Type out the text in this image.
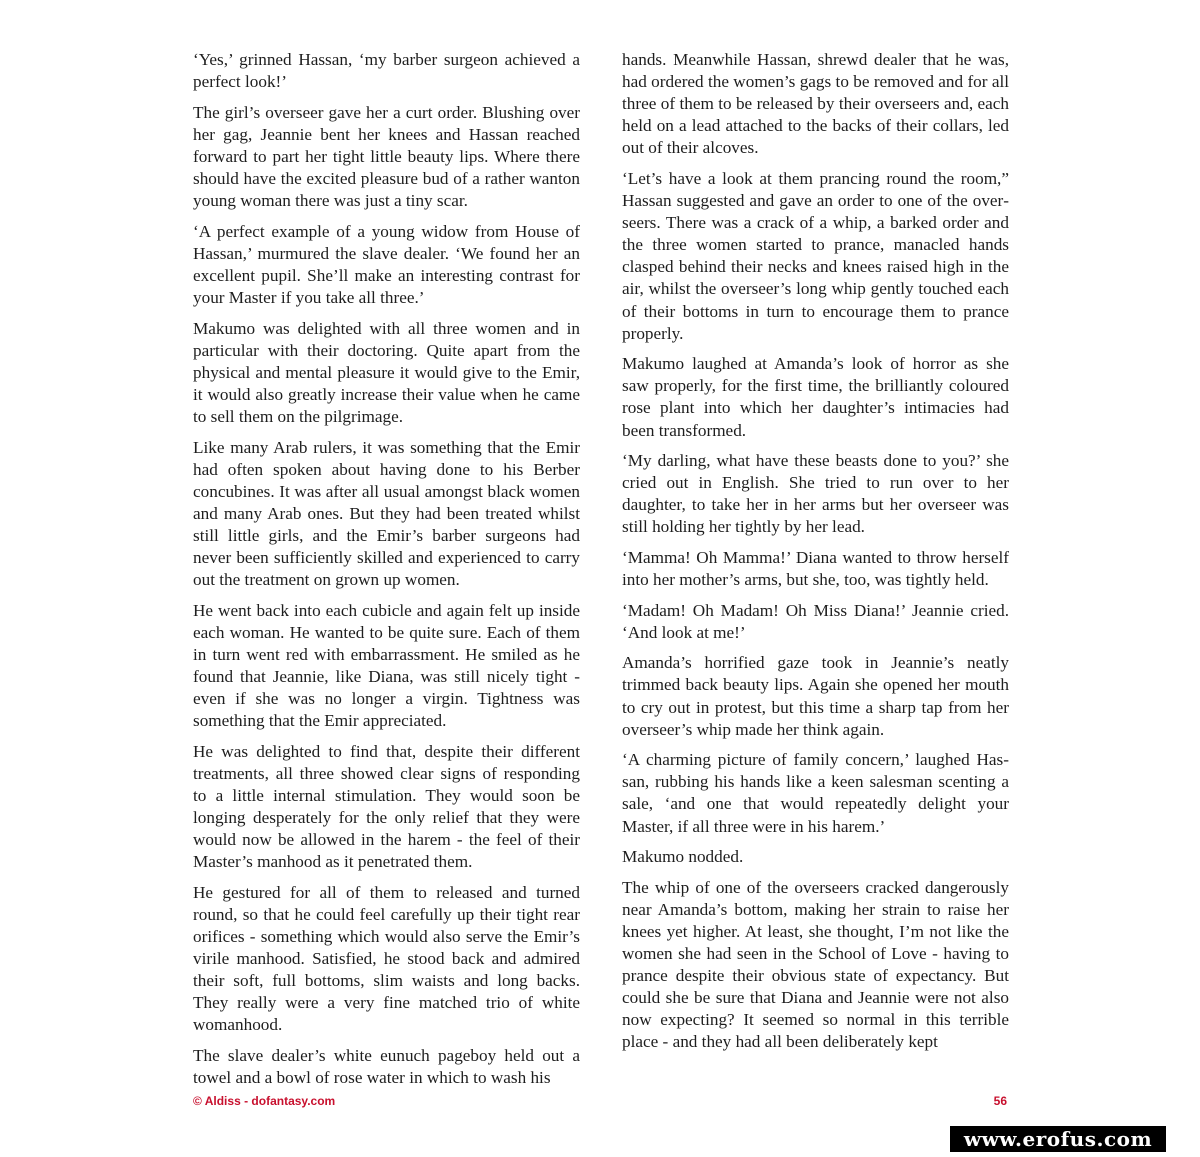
‘Yes,’ grinned Hassan, ‘my barber surgeon achieved a perfect look!’

The girl’s overseer gave her a curt order. Blushing over her gag, Jeannie bent her knees and Hassan reached forward to part her tight little beauty lips. Where there should have the excited pleasure bud of a rather wanton young woman there was just a tiny scar.

‘A perfect example of a young widow from House of Hassan,’ murmured the slave dealer. ‘We found her an excellent pupil. She’ll make an interesting contrast for your Master if you take all three.’

Makumo was delighted with all three women and in particular with their doctoring. Quite apart from the physical and mental pleasure it would give to the Emir, it would also greatly increase their value when he came to sell them on the pilgrimage.

Like many Arab rulers, it was something that the Emir had often spoken about having done to his Berber concubines. It was after all usual amongst black women and many Arab ones. But they had been treated whilst still little girls, and the Emir’s barber surgeons had never been sufficiently skilled and experienced to carry out the treatment on grown up women.

He went back into each cubicle and again felt up inside each woman. He wanted to be quite sure. Each of them in turn went red with embarrassment. He smiled as he found that Jeannie, like Diana, was still nicely tight - even if she was no longer a virgin. Tightness was something that the Emir appreciated.

He was delighted to find that, despite their different treatments, all three showed clear signs of responding to a little internal stimulation. They would soon be longing desperately for the only relief that they were would now be allowed in the harem - the feel of their Master’s manhood as it penetrated them.

He gestured for all of them to released and turned round, so that he could feel carefully up their tight rear orifices - something which would also serve the Emir’s virile manhood. Satisfied, he stood back and admired their soft, full bottoms, slim waists and long backs. They really were a very fine matched trio of white womanhood.

The slave dealer’s white eunuch pageboy held out a towel and a bowl of rose water in which to wash his

hands. Meanwhile Hassan, shrewd dealer that he was, had ordered the women’s gags to be removed and for all three of them to be released by their overseers and, each held on a lead attached to the backs of their collars, led out of their alcoves.

‘Let’s have a look at them prancing round the room,” Hassan suggested and gave an order to one of the overseers. There was a crack of a whip, a barked order and the three women started to prance, manacled hands clasped behind their necks and knees raised high in the air, whilst the overseer’s long whip gently touched each of their bottoms in turn to encourage them to prance properly.

Makumo laughed at Amanda’s look of horror as she saw properly, for the first time, the brilliantly coloured rose plant into which her daughter’s intimacies had been transformed.

‘My darling, what have these beasts done to you?’ she cried out in English. She tried to run over to her daughter, to take her in her arms but her overseer was still holding her tightly by her lead.

‘Mamma! Oh Mamma!’ Diana wanted to throw herself into her mother’s arms, but she, too, was tightly held.

‘Madam! Oh Madam! Oh Miss Diana!’ Jeannie cried. ‘And look at me!’

Amanda’s horrified gaze took in Jeannie’s neatly trimmed back beauty lips. Again she opened her mouth to cry out in protest, but this time a sharp tap from her overseer’s whip made her think again.

‘A charming picture of family concern,’ laughed Hassan, rubbing his hands like a keen salesman scenting a sale, ‘and one that would repeatedly delight your Master, if all three were in his harem.’

Makumo nodded.

The whip of one of the overseers cracked dangerously near Amanda’s bottom, making her strain to raise her knees yet higher. At least, she thought, I’m not like the women she had seen in the School of Love - having to prance despite their obvious state of expectancy. But could she be sure that Diana and Jeannie were not also now expecting? It seemed so normal in this terrible place - and they had all been deliberately kept

© Aldiss - dofantasy.com	56
www.erofus.com
